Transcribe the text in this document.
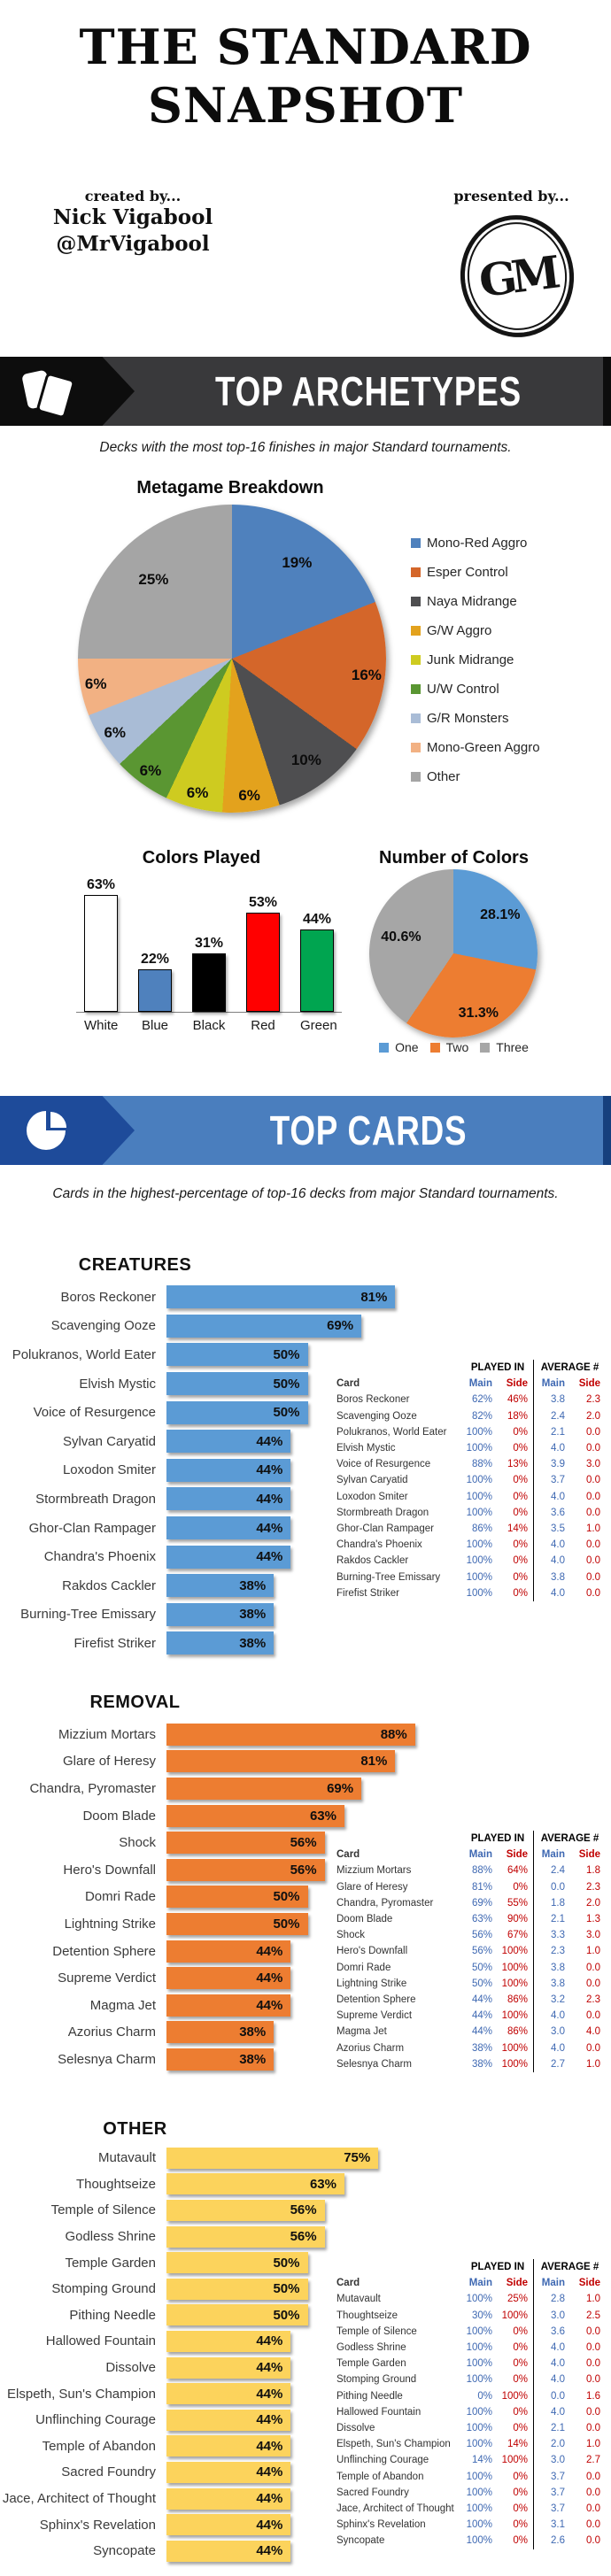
THE STANDARD
SNAPSHOT
created by...
Nick Vigabool
@MrVigabool
presented by...
GM
TOP ARCHETYPES
Decks with the most top-16 finishes in major Standard tournaments.
Metagame Breakdown
19%
16%
10%
6%
6%
6%
6%
6%
25%
Mono-Red Aggro
Esper Control
Naya Midrange
G/W Aggro
Junk Midrange
U/W Control
G/R Monsters
Mono-Green Aggro
Other
Colors Played
63%
22%
31%
53%
44%
White Blue Black	Red	Green
Number of Colors
28.1%
31.3%
40.6%
One Two Three
TOP CARDS
Cards in the highest-percentage of top-16 decks from major Standard tournaments.
CREATURES
Boros Reckoner	81%
Scavenging Ooze	69%
Polukranos, World Eater	50%
Elvish Mystic	50%
Voice of Resurgence	50%
Sylvan Caryatid	44%
Loxodon Smiter	44%
Stormbreath Dragon	44%
Ghor-Clan Rampager	44%
Chandra's Phoenix	44%
Rakdos Cackler	38%
Burning-Tree Emissary	38%
Firefist Striker	38%
PLAYED IN	AVERAGE #
Card	Main	Side	Main	Side
Boros Reckoner	62%	46%	3.8	2.3
Scavenging Ooze	82%	18%	2.4	2.0
Polukranos, World Eater	100%	0%	2.1	0.0
Elvish Mystic	100%	0%	4.0	0.0
Voice of Resurgence	88%	13%	3.9	3.0
Sylvan Caryatid	100%	0%	3.7	0.0
Loxodon Smiter	100%	0%	4.0	0.0
Stormbreath Dragon	100%	0%	3.6	0.0
Ghor-Clan Rampager	86%	14%	3.5	1.0
Chandra's Phoenix	100%	0%	4.0	0.0
Rakdos Cackler	100%	0%	4.0	0.0
Burning-Tree Emissary	100%	0%	3.8	0.0
Firefist Striker	100%	0%	4.0	0.0
REMOVAL
Mizzium Mortars	88%
Glare of Heresy	81%
Chandra, Pyromaster	69%
Doom Blade	63%
Shock	56%
Hero's Downfall	56%
Domri Rade	50%
Lightning Strike	50%
Detention Sphere	44%
Supreme Verdict	44%
Magma Jet	44%
Azorius Charm	38%
Selesnya Charm	38%
PLAYED IN	AVERAGE #
Card	Main	Side	Main	Side
Mizzium Mortars	88%	64%	2.4	1.8
Glare of Heresy	81%	0%	0.0	2.3
Chandra, Pyromaster	69%	55%	1.8	2.0
Doom Blade	63%	90%	2.1	1.3
Shock	56%	67%	3.3	3.0
Hero's Downfall	56% 100%	2.3	1.0
Domri Rade	50% 100%	3.8	0.0
Lightning Strike	50% 100%	3.8	0.0
Detention Sphere	44%	86%	3.2	2.3
Supreme Verdict	44% 100%	4.0	0.0
Magma Jet	44%	86%	3.0	4.0
Azorius Charm	38% 100%	4.0	0.0
Selesnya Charm	38% 100%	2.7	1.0
OTHER
Mutavault	75%
Thoughtseize	63%
Temple of Silence	56%
Godless Shrine	56%
Temple Garden	50%
Stomping Ground	50%
Pithing Needle	50%
Hallowed Fountain	44%
Dissolve	44%
Elspeth, Sun's Champion	44%
Unflinching Courage	44%
Temple of Abandon	44%
Sacred Foundry	44%
Jace, Architect of Thought	44%
Sphinx's Revelation	44%
Syncopate	44%
PLAYED IN	AVERAGE #
Card	Main	Side	Main	Side
Mutavault	100%	25%	2.8	1.0
Thoughtseize	30% 100%	3.0	2.5
Temple of Silence	100%	0%	3.6	0.0
Godless Shrine	100%	0%	4.0	0.0
Temple Garden	100%	0%	4.0	0.0
Stomping Ground	100%	0%	4.0	0.0
Pithing Needle	0% 100%	0.0	1.6
Hallowed Fountain	100%	0%	4.0	0.0
Dissolve	100%	0%	2.1	0.0
Elspeth, Sun's Champion	100%	14%	2.0	1.0
Unflinching Courage	14% 100%	3.0	2.7
Temple of Abandon	100%	0%	3.7	0.0
Sacred Foundry	100%	0%	3.7	0.0
Jace, Architect of Thought	100%	0%	3.7	0.0
Sphinx's Revelation	100%	0%	3.1	0.0
Syncopate	100%	0%	2.6	0.0
